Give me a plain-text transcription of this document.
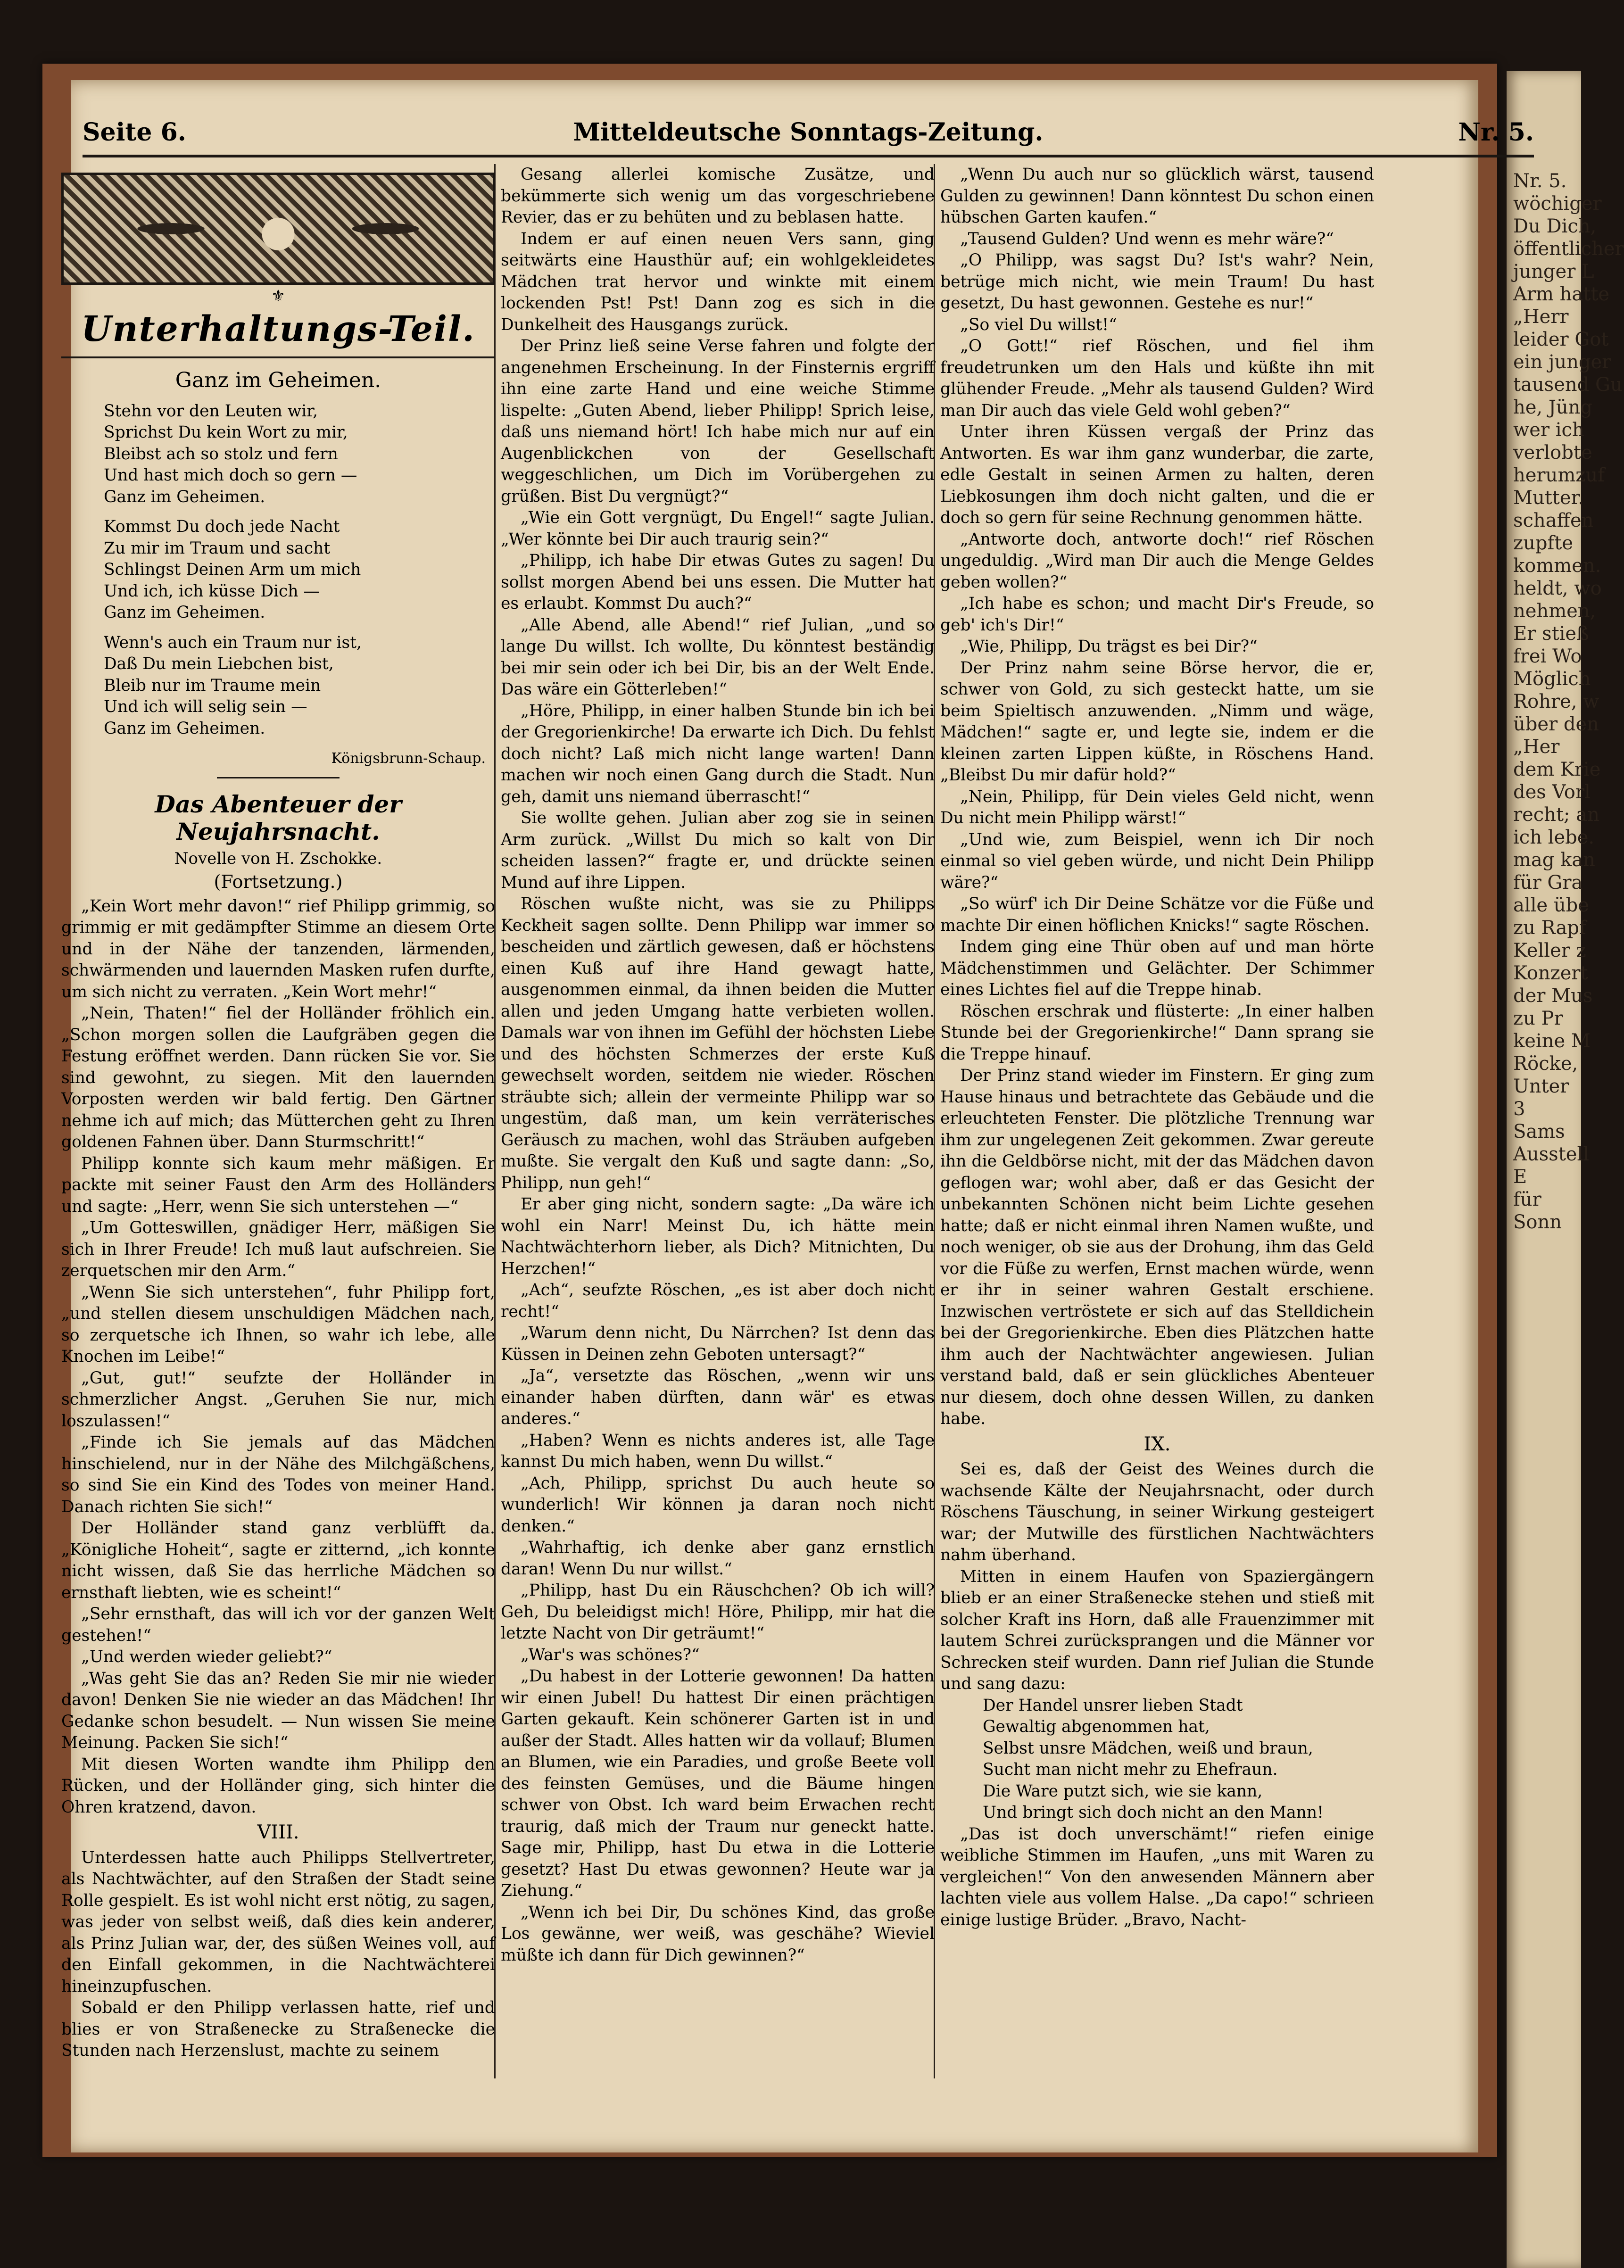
Nr. 5.
wöchiger
Du Dich,
öffentlicher
junger L
Arm hatte
„Herr
leider Got
ein junger
tausend Gu
he, Jüng
wer ich
verlobte
herumzuf
Mutter.
schaffen
zupfte
kommen.
heldt, wo
nehmen,
Er stieß
frei Wo
Möglich
Rohre, w
über den
„Her
dem Krie
des Vorl
recht; an
ich lebe.
mag kan
für Gra
alle übe
zu Rapf
Keller z
Konzert
der Mus
zu Pr
keine M
Röcke,
Unter
3
Sams
Ausstell
E
für
Sonn
Seite 6.	Mitteldeutsche Sonntags-Zeitung.	Nr. 5.
⚜
Unterhaltungs-Teil.
Ganz im Geheimen.
Stehn vor den Leuten wir,
Sprichst Du kein Wort zu mir,
Bleibst ach so stolz und fern
Und hast mich doch so gern —
Ganz im Geheimen.
Kommst Du doch jede Nacht
Zu mir im Traum und sacht
Schlingst Deinen Arm um mich
Und ich, ich küsse Dich —
Ganz im Geheimen.
Wenn's auch ein Traum nur ist,
Daß Du mein Liebchen bist,
Bleib nur im Traume mein
Und ich will selig sein —
Ganz im Geheimen.
Königsbrunn-Schaup.
Das Abenteuer der Neujahrsnacht.
Novelle von H. Zschokke.
(Fortsetzung.)

„Kein Wort mehr davon!“ rief Philipp grimmig, so grimmig er mit gedämpfter Stimme an diesem Orte und in der Nähe der tanzenden, lärmenden, schwärmenden und lauernden Masken rufen durfte, um sich nicht zu verraten. „Kein Wort mehr!“

„Nein, Thaten!“ fiel der Holländer fröhlich ein. „Schon morgen sollen die Laufgräben gegen die Festung eröffnet werden. Dann rücken Sie vor. Sie sind gewohnt, zu siegen. Mit den lauernden Vorposten werden wir bald fertig. Den Gärtner nehme ich auf mich; das Mütterchen geht zu Ihren goldenen Fahnen über. Dann Sturmschritt!“

Philipp konnte sich kaum mehr mäßigen. Er packte mit seiner Faust den Arm des Holländers und sagte: „Herr, wenn Sie sich unterstehen —“

„Um Gotteswillen, gnädiger Herr, mäßigen Sie sich in Ihrer Freude! Ich muß laut aufschreien. Sie zerquetschen mir den Arm.“

„Wenn Sie sich unterstehen“, fuhr Philipp fort, „und stellen diesem unschuldigen Mädchen nach, so zerquetsche ich Ihnen, so wahr ich lebe, alle Knochen im Leibe!“

„Gut, gut!“ seufzte der Holländer in schmerzlicher Angst. „Geruhen Sie nur, mich loszulassen!“

„Finde ich Sie jemals auf das Mädchen hinschielend, nur in der Nähe des Milchgäßchens, so sind Sie ein Kind des Todes von meiner Hand. Danach richten Sie sich!“

Der Holländer stand ganz verblüfft da. „Königliche Hoheit“, sagte er zitternd, „ich konnte nicht wissen, daß Sie das herrliche Mädchen so ernsthaft liebten, wie es scheint!“

„Sehr ernsthaft, das will ich vor der ganzen Welt gestehen!“

„Und werden wieder geliebt?“

„Was geht Sie das an? Reden Sie mir nie wieder davon! Denken Sie nie wieder an das Mädchen! Ihr Gedanke schon besudelt. — Nun wissen Sie meine Meinung. Packen Sie sich!“

Mit diesen Worten wandte ihm Philipp den Rücken, und der Holländer ging, sich hinter die Ohren kratzend, davon.

VIII.

Unterdessen hatte auch Philipps Stellvertreter, als Nachtwächter, auf den Straßen der Stadt seine Rolle gespielt. Es ist wohl nicht erst nötig, zu sagen, was jeder von selbst weiß, daß dies kein anderer, als Prinz Julian war, der, des süßen Weines voll, auf den Einfall gekommen, in die Nachtwächterei hineinzupfuschen.

Sobald er den Philipp verlassen hatte, rief und blies er von Straßenecke zu Straßenecke die Stunden nach Herzenslust, machte zu seinem

Gesang allerlei komische Zusätze, und bekümmerte sich wenig um das vorgeschriebene Revier, das er zu behüten und zu beblasen hatte.

Indem er auf einen neuen Vers sann, ging seitwärts eine Hausthür auf; ein wohlgekleidetes Mädchen trat hervor und winkte mit einem lockenden Pst! Pst! Dann zog es sich in die Dunkelheit des Hausgangs zurück.

Der Prinz ließ seine Verse fahren und folgte der angenehmen Erscheinung. In der Finsternis ergriff ihn eine zarte Hand und eine weiche Stimme lispelte: „Guten Abend, lieber Philipp! Sprich leise, daß uns niemand hört! Ich habe mich nur auf ein Augenblickchen von der Gesellschaft weggeschlichen, um Dich im Vorübergehen zu grüßen. Bist Du vergnügt?“

„Wie ein Gott vergnügt, Du Engel!“ sagte Julian. „Wer könnte bei Dir auch traurig sein?“

„Philipp, ich habe Dir etwas Gutes zu sagen! Du sollst morgen Abend bei uns essen. Die Mutter hat es erlaubt. Kommst Du auch?“

„Alle Abend, alle Abend!“ rief Julian, „und so lange Du willst. Ich wollte, Du könntest beständig bei mir sein oder ich bei Dir, bis an der Welt Ende. Das wäre ein Götterleben!“

„Höre, Philipp, in einer halben Stunde bin ich bei der Gregorienkirche! Da erwarte ich Dich. Du fehlst doch nicht? Laß mich nicht lange warten! Dann machen wir noch einen Gang durch die Stadt. Nun geh, damit uns niemand überrascht!“

Sie wollte gehen. Julian aber zog sie in seinen Arm zurück. „Willst Du mich so kalt von Dir scheiden lassen?“ fragte er, und drückte seinen Mund auf ihre Lippen.

Röschen wußte nicht, was sie zu Philipps Keckheit sagen sollte. Denn Philipp war immer so bescheiden und zärtlich gewesen, daß er höchstens einen Kuß auf ihre Hand gewagt hatte, ausgenommen einmal, da ihnen beiden die Mutter allen und jeden Umgang hatte verbieten wollen. Damals war von ihnen im Gefühl der höchsten Liebe und des höchsten Schmerzes der erste Kuß gewechselt worden, seitdem nie wieder. Röschen sträubte sich; allein der vermeinte Philipp war so ungestüm, daß man, um kein verräterisches Geräusch zu machen, wohl das Sträuben aufgeben mußte. Sie vergalt den Kuß und sagte dann: „So, Philipp, nun geh!“

Er aber ging nicht, sondern sagte: „Da wäre ich wohl ein Narr! Meinst Du, ich hätte mein Nachtwächterhorn lieber, als Dich? Mitnichten, Du Herzchen!“

„Ach“, seufzte Röschen, „es ist aber doch nicht recht!“

„Warum denn nicht, Du Närrchen? Ist denn das Küssen in Deinen zehn Geboten untersagt?“

„Ja“, versetzte das Röschen, „wenn wir uns einander haben dürften, dann wär' es etwas anderes.“

„Haben? Wenn es nichts anderes ist, alle Tage kannst Du mich haben, wenn Du willst.“

„Ach, Philipp, sprichst Du auch heute so wunderlich! Wir können ja daran noch nicht denken.“

„Wahrhaftig, ich denke aber ganz ernstlich daran! Wenn Du nur willst.“

„Philipp, hast Du ein Räuschchen? Ob ich will? Geh, Du beleidigst mich! Höre, Philipp, mir hat die letzte Nacht von Dir geträumt!“

„War's was schönes?“

„Du habest in der Lotterie gewonnen! Da hatten wir einen Jubel! Du hattest Dir einen prächtigen Garten gekauft. Kein schönerer Garten ist in und außer der Stadt. Alles hatten wir da vollauf; Blumen an Blumen, wie ein Paradies, und große Beete voll des feinsten Gemüses, und die Bäume hingen schwer von Obst. Ich ward beim Erwachen recht traurig, daß mich der Traum nur geneckt hatte. Sage mir, Philipp, hast Du etwa in die Lotterie gesetzt? Hast Du etwas gewonnen? Heute war ja Ziehung.“

„Wenn ich bei Dir, Du schönes Kind, das große Los gewänne, wer weiß, was geschähe? Wieviel müßte ich dann für Dich gewinnen?“

„Wenn Du auch nur so glücklich wärst, tausend Gulden zu gewinnen! Dann könntest Du schon einen hübschen Garten kaufen.“

„Tausend Gulden? Und wenn es mehr wäre?“

„O Philipp, was sagst Du? Ist's wahr? Nein, betrüge mich nicht, wie mein Traum! Du hast gesetzt, Du hast gewonnen. Gestehe es nur!“

„So viel Du willst!“

„O Gott!“ rief Röschen, und fiel ihm freudetrunken um den Hals und küßte ihn mit glühender Freude. „Mehr als tausend Gulden? Wird man Dir auch das viele Geld wohl geben?“

Unter ihren Küssen vergaß der Prinz das Antworten. Es war ihm ganz wunderbar, die zarte, edle Gestalt in seinen Armen zu halten, deren Liebkosungen ihm doch nicht galten, und die er doch so gern für seine Rechnung genommen hätte.

„Antworte doch, antworte doch!“ rief Röschen ungeduldig. „Wird man Dir auch die Menge Geldes geben wollen?“

„Ich habe es schon; und macht Dir's Freude, so geb' ich's Dir!“

„Wie, Philipp, Du trägst es bei Dir?“

Der Prinz nahm seine Börse hervor, die er, schwer von Gold, zu sich gesteckt hatte, um sie beim Spieltisch anzuwenden. „Nimm und wäge, Mädchen!“ sagte er, und legte sie, indem er die kleinen zarten Lippen küßte, in Röschens Hand. „Bleibst Du mir dafür hold?“

„Nein, Philipp, für Dein vieles Geld nicht, wenn Du nicht mein Philipp wärst!“

„Und wie, zum Beispiel, wenn ich Dir noch einmal so viel geben würde, und nicht Dein Philipp wäre?“

„So würf' ich Dir Deine Schätze vor die Füße und machte Dir einen höflichen Knicks!“ sagte Röschen.

Indem ging eine Thür oben auf und man hörte Mädchenstimmen und Gelächter. Der Schimmer eines Lichtes fiel auf die Treppe hinab.

Röschen erschrak und flüsterte: „In einer halben Stunde bei der Gregorienkirche!“ Dann sprang sie die Treppe hinauf.

Der Prinz stand wieder im Finstern. Er ging zum Hause hinaus und betrachtete das Gebäude und die erleuchteten Fenster. Die plötzliche Trennung war ihm zur ungelegenen Zeit gekommen. Zwar gereute ihn die Geldbörse nicht, mit der das Mädchen davon geflogen war; wohl aber, daß er das Gesicht der unbekannten Schönen nicht beim Lichte gesehen hatte; daß er nicht einmal ihren Namen wußte, und noch weniger, ob sie aus der Drohung, ihm das Geld vor die Füße zu werfen, Ernst machen würde, wenn er ihr in seiner wahren Gestalt erschiene. Inzwischen vertröstete er sich auf das Stelldichein bei der Gregorienkirche. Eben dies Plätzchen hatte ihm auch der Nachtwächter angewiesen. Julian verstand bald, daß er sein glückliches Abenteuer nur diesem, doch ohne dessen Willen, zu danken habe.

IX.

Sei es, daß der Geist des Weines durch die wachsende Kälte der Neujahrsnacht, oder durch Röschens Täuschung, in seiner Wirkung gesteigert war; der Mutwille des fürstlichen Nachtwächters nahm überhand.

Mitten in einem Haufen von Spaziergängern blieb er an einer Straßenecke stehen und stieß mit solcher Kraft ins Horn, daß alle Frauenzimmer mit lautem Schrei zurücksprangen und die Männer vor Schrecken steif wurden. Dann rief Julian die Stunde und sang dazu:

Der Handel unsrer lieben Stadt
Gewaltig abgenommen hat,
Selbst unsre Mädchen, weiß und braun,
Sucht man nicht mehr zu Ehefraun.
Die Ware putzt sich, wie sie kann,
Und bringt sich doch nicht an den Mann!

„Das ist doch unverschämt!“ riefen einige weibliche Stimmen im Haufen, „uns mit Waren zu vergleichen!“ Von den anwesenden Männern aber lachten viele aus vollem Halse. „Da capo!“ schrieen einige lustige Brüder. „Bravo, Nacht-
